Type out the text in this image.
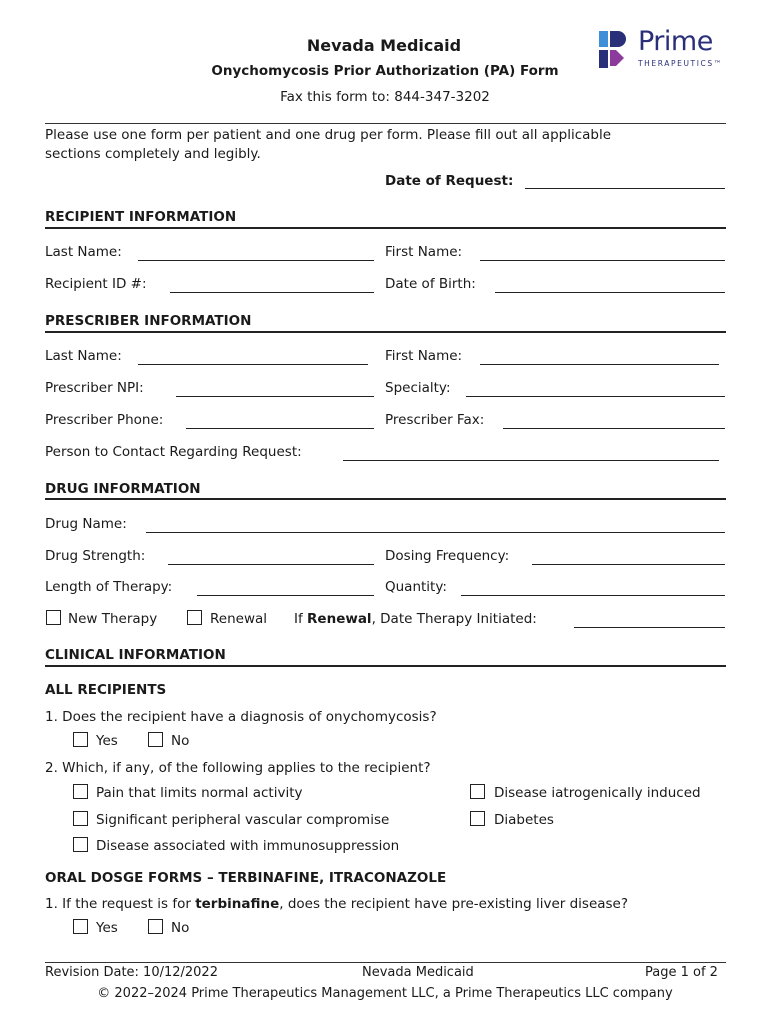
Nevada Medicaid
Onychomycosis Prior Authorization (PA) Form
Fax this form to: 844-347-3202
Prime
THERAPEUTICS™
Please use one form per patient and one drug per form. Please fill out all applicable
sections completely and legibly.
Date of Request:
RECIPIENT INFORMATION
Last Name:	First Name:
Recipient ID #:	Date of Birth:
PRESCRIBER INFORMATION
Last Name:	First Name:
Prescriber NPI:	Specialty:
Prescriber Phone:	Prescriber Fax:
Person to Contact Regarding Request:
DRUG INFORMATION
Drug Name:
Drug Strength:	Dosing Frequency:
Length of Therapy:	Quantity:
New Therapy	Renewal If Renewal, Date Therapy Initiated:
CLINICAL INFORMATION
ALL RECIPIENTS
1. Does the recipient have a diagnosis of onychomycosis?
Yes	No
2. Which, if any, of the following applies to the recipient?
Pain that limits normal activity	Disease iatrogenically induced
Significant peripheral vascular compromise	Diabetes
Disease associated with immunosuppression
ORAL DOSGE FORMS – TERBINAFINE, ITRACONAZOLE
1. If the request is for terbinafine, does the recipient have pre-existing liver disease?
Yes	No
Revision Date: 10/12/2022	Nevada Medicaid	Page 1 of 2
© 2022–2024 Prime Therapeutics Management LLC, a Prime Therapeutics LLC company
